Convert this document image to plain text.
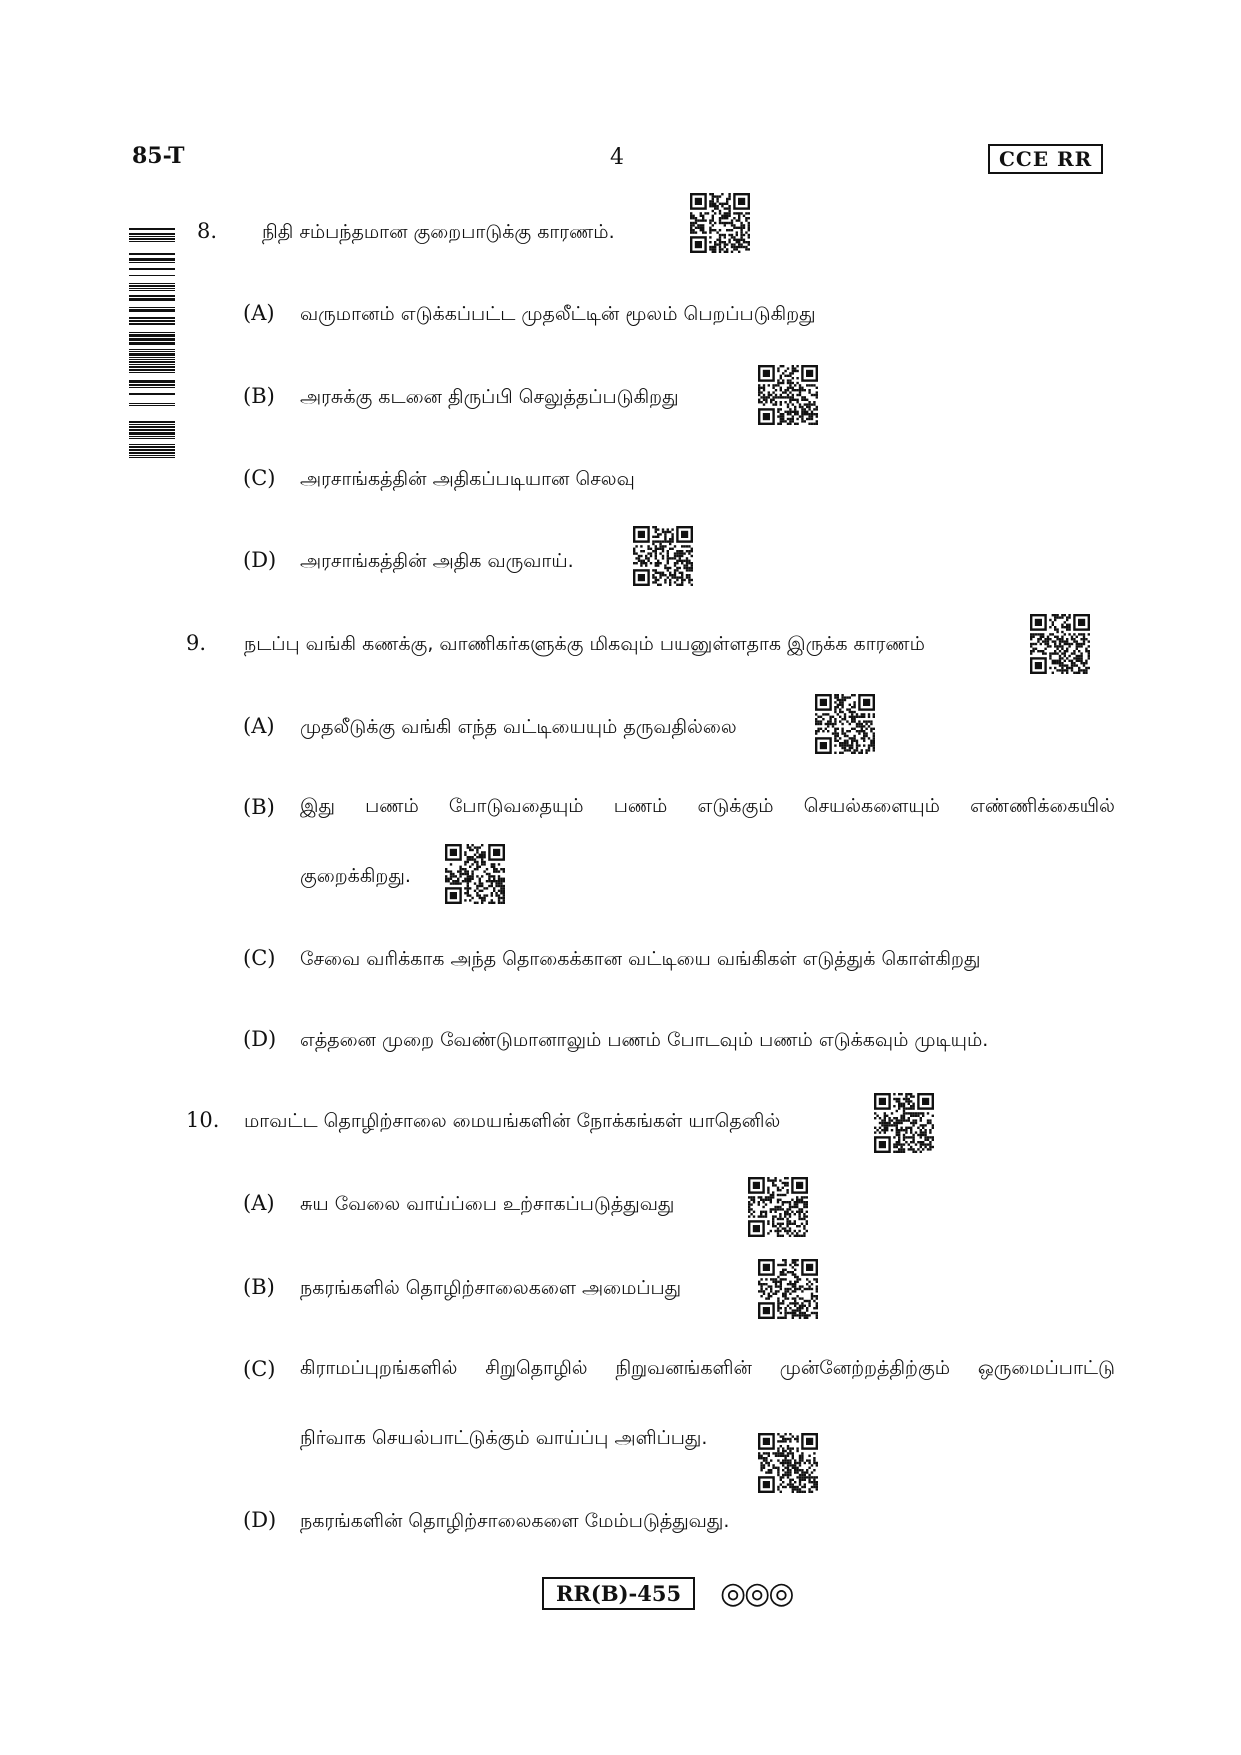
85-T	4	CCE RR
8. நிதி சம்பந்தமான குறைபாடுக்கு காரணம்.
(A) வருமானம் எடுக்கப்பட்ட முதலீட்டின் மூலம் பெறப்படுகிறது
(B) அரசுக்கு கடனை திருப்பி செலுத்தப்படுகிறது
(C) அரசாங்கத்தின் அதிகப்படியான செலவு
(D) அரசாங்கத்தின் அதிக வருவாய்.
9. நடப்பு வங்கி கணக்கு, வாணிகர்களுக்கு மிகவும் பயனுள்ளதாக இருக்க காரணம்
(A) முதலீடுக்கு வங்கி எந்த வட்டியையும் தருவதில்லை
(B) இது பணம் போடுவதையும் பணம் எடுக்கும் செயல்களையும் எண்ணிக்கையில்
குறைக்கிறது.
(C) சேவை வரிக்காக அந்த தொகைக்கான வட்டியை வங்கிகள் எடுத்துக் கொள்கிறது
(D) எத்தனை முறை வேண்டுமானாலும் பணம் போடவும் பணம் எடுக்கவும் முடியும்.
10. மாவட்ட தொழிற்சாலை மையங்களின் நோக்கங்கள் யாதெனில்
(A) சுய வேலை வாய்ப்பை உற்சாகப்படுத்துவது
(B) நகரங்களில் தொழிற்சாலைகளை அமைப்பது
(C) கிராமப்புறங்களில் சிறுதொழில் நிறுவனங்களின் முன்னேற்றத்திற்கும் ஒருமைப்பாட்டு
நிர்வாக செயல்பாட்டுக்கும் வாய்ப்பு அளிப்பது.
(D) நகரங்களின் தொழிற்சாலைகளை மேம்படுத்துவது.
RR(B)-455	◎◎◎
